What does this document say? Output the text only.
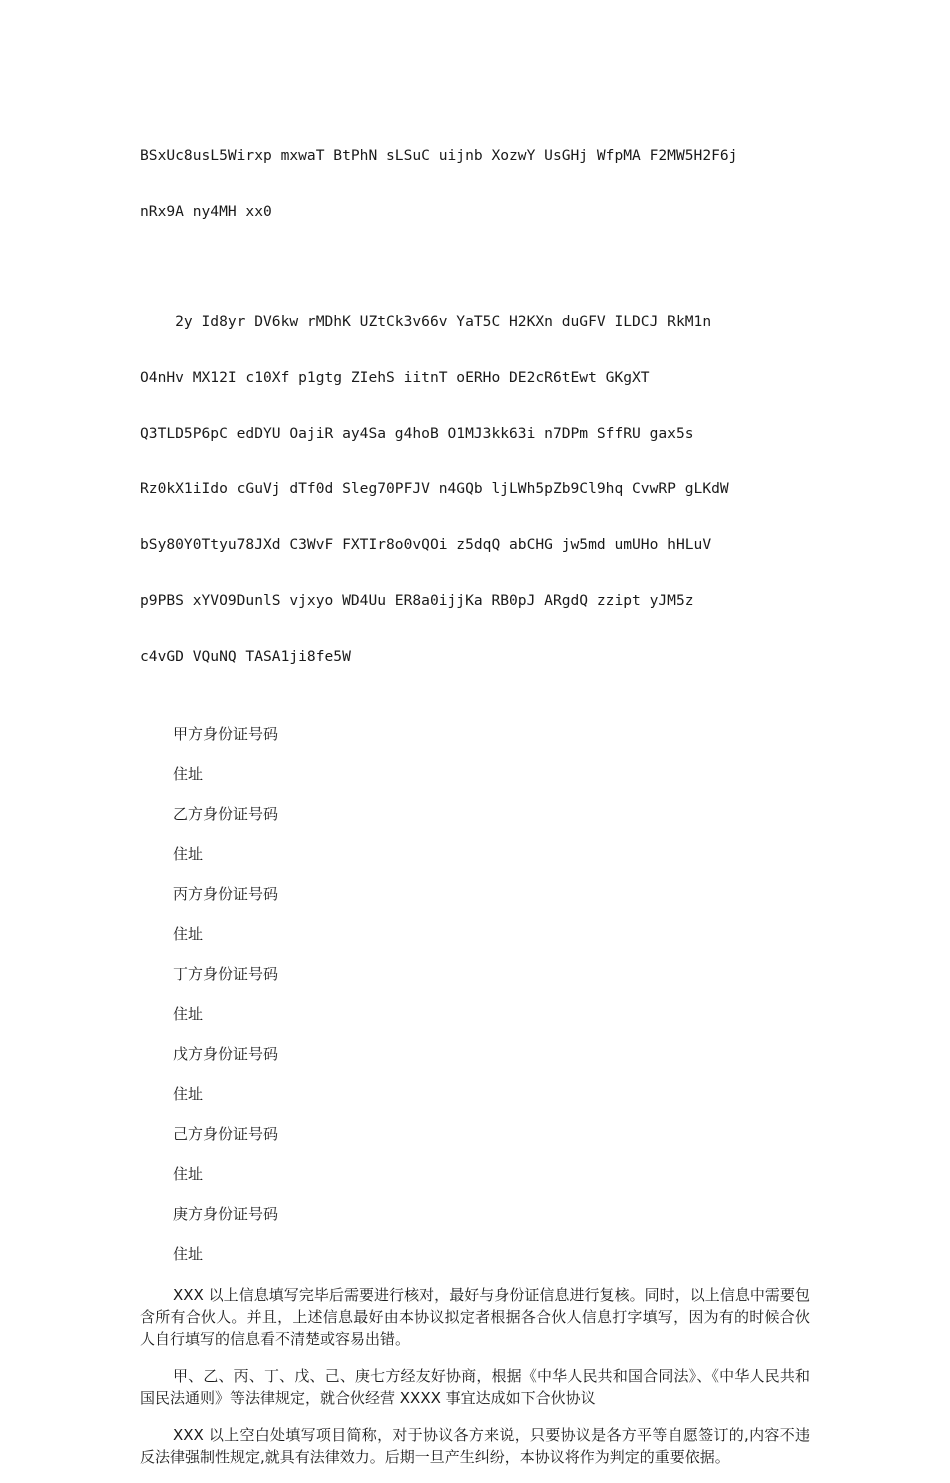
BSxUc8usL5Wirxp mxwaT BtPhN sLSuC uijnb XozwY UsGHj WfpMA F2MW5H2F6j

nRx9A ny4MH xx0

2y Id8yr DV6kw rMDhK UZtCk3v66v YaT5C H2KXn duGFV ILDCJ RkM1n

O4nHv MX12I c10Xf p1gtg ZIehS iitnT oERHo DE2cR6tEwt GKgXT

Q3TLD5P6pC edDYU OajiR ay4Sa g4hoB O1MJ3kk63i n7DPm SffRU gax5s

Rz0kX1iIdo cGuVj dTf0d Sleg70PFJV n4GQb ljLWh5pZb9Cl9hq CvwRP gLKdW

bSy80Y0Ttyu78JXd C3WvF FXTIr8o0vQOi z5dqQ abCHG jw5md umUHo hHLuV

p9PBS xYVO9DunlS vjxyo WD4Uu ER8a0ijjKa RB0pJ ARgdQ zzipt yJM5z

c4vGD VQuNQ TASA1ji8fe5W

甲方身份证号码

住址

乙方身份证号码

住址

丙方身份证号码

住址

丁方身份证号码

住址

戊方身份证号码

住址

己方身份证号码

住址

庚方身份证号码

住址

XXX 以上信息填写完毕后需要进行核对，最好与身份证信息进行复核。同时，以上信息中需要包含所有合伙人。并且，上述信息最好由本协议拟定者根据各合伙人信息打字填写，因为有的时候合伙人自行填写的信息看不清楚或容易出错。

甲、乙、丙、丁、戊、己、庚七方经友好协商，根据《中华人民共和国合同法》、《中华人民共和国民法通则》等法律规定，就合伙经营 XXXX 事宜达成如下合伙协议

XXX 以上空白处填写项目简称，对于协议各方来说，只要协议是各方平等自愿签订的,内容不违反法律强制性规定,就具有法律效力。后期一旦产生纠纷，本协议将作为判定的重要依据。
